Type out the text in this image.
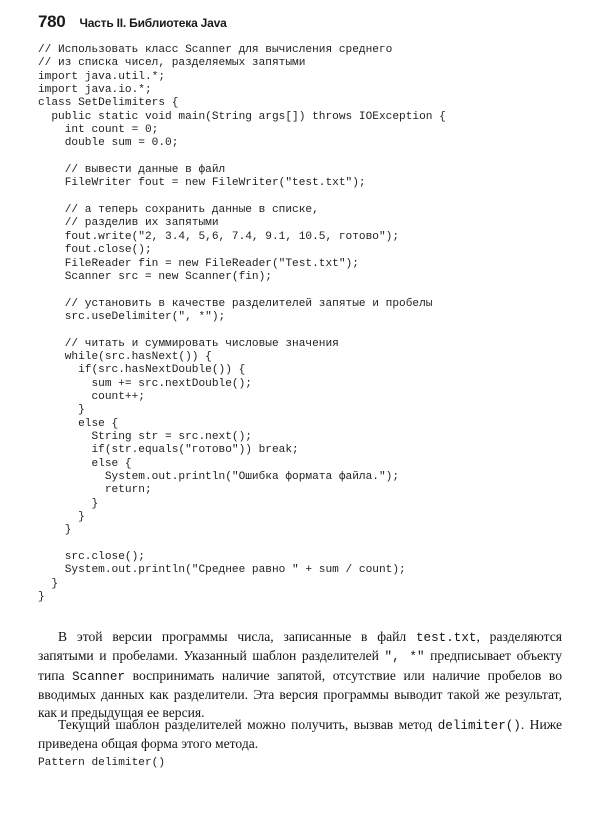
780 Часть II. Библиотека Java
// Использовать класс Scanner для вычисления среднего
// из списка чисел, разделяемых запятыми
import java.util.*;
import java.io.*;
class SetDelimiters {
public static void main(String args[]) throws IOException {
int count = 0;
double sum = 0.0;
// вывести данные в файл
FileWriter fout = new FileWriter("test.txt");
// а теперь сохранить данные в списке,
// разделив их запятыми
fout.write("2, 3.4, 5,6, 7.4, 9.1, 10.5, готово");
fout.close();
FileReader fin = new FileReader("Test.txt");
Scanner src = new Scanner(fin);
// установить в качестве разделителей запятые и пробелы
src.useDelimiter(", *");
// читать и суммировать числовые значения
while(src.hasNext()) {
if(src.hasNextDouble()) {
sum += src.nextDouble();
count++;
}
else {
String str = src.next();
if(str.equals("готово")) break;
else {
System.out.println("Ошибка формата файла.");
return;
}
}
}
src.close();
System.out.println("Среднее равно " + sum / count);
}
}

В этой версии программы числа, записанные в файл test.txt, разделяются запятыми и пробелами. Указанный шаблон разделителей ", *" предписывает объекту типа Scanner воспринимать наличие запятой, отсутствие или наличие пробелов во вводимых данных как разделители. Эта версия программы выводит такой же результат, как и предыдущая ее версия.

Текущий шаблон разделителей можно получить, вызвав метод delimiter(). Ниже приведена общая форма этого метода.

Pattern delimiter()
